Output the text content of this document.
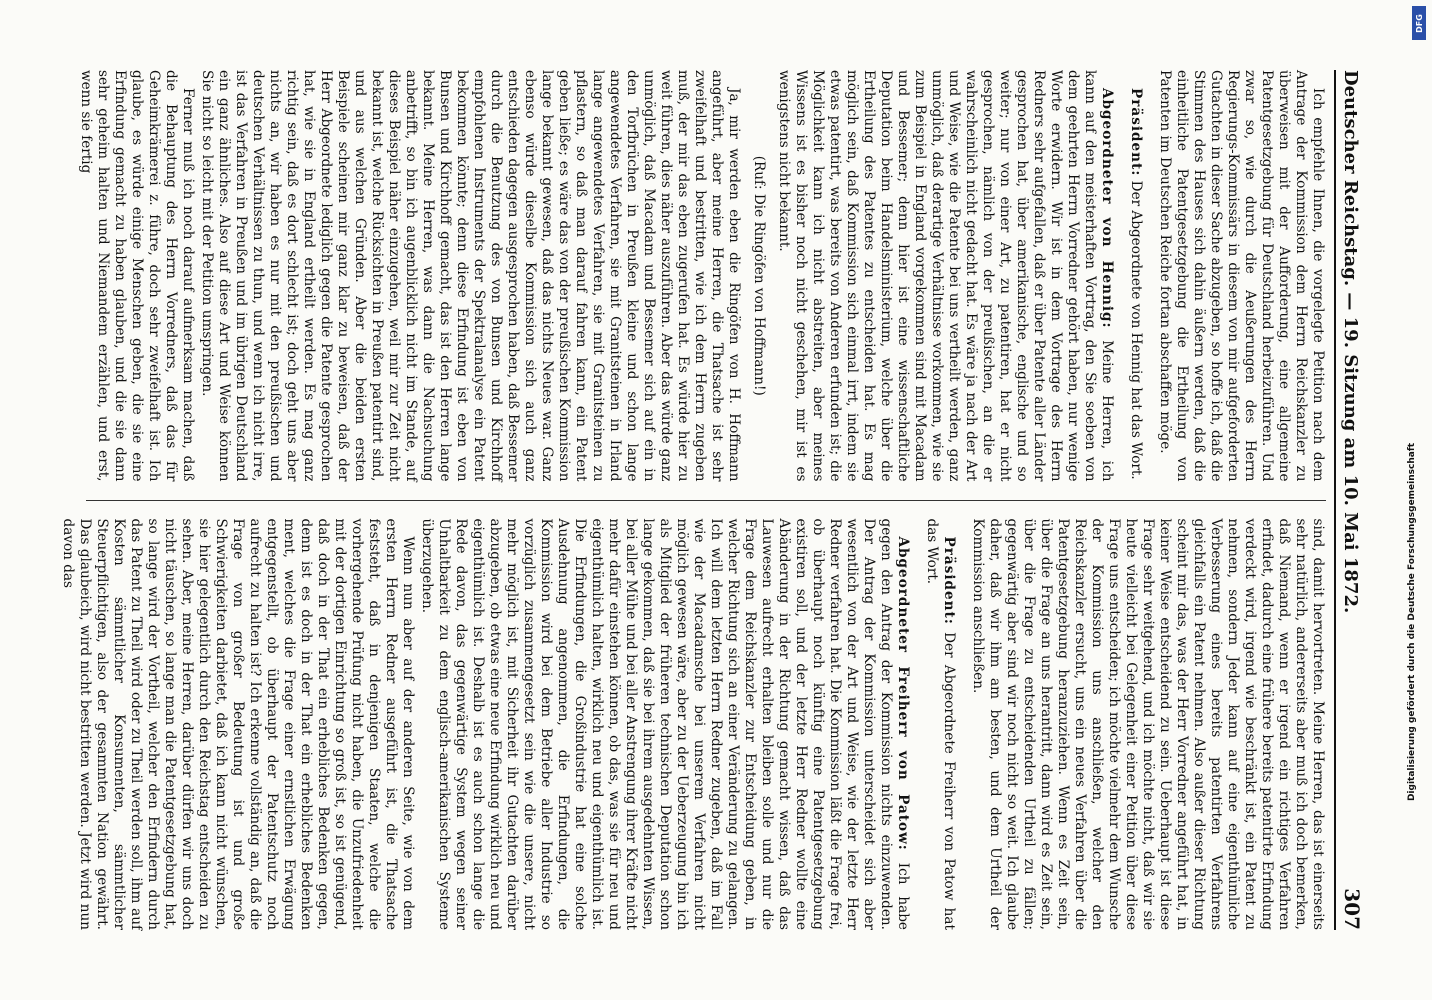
Deutscher Reichstag. — 19. Sitzung am 10. Mai 1872.
307

Ich empfehle Ihnen, die vorgelegte Petition nach dem Antrage der Kommission dem Herrn Reichskanzler zu überweisen mit der Aufforderung, eine allgemeine Patentgesetzgebung für Deutschland herbeizuführen. Und zwar so, wie durch die Aeußerungen des Herrn Regierungs-Kommissärs in diesem von mir aufgeforderten Gutachten in dieser Sache abzugeben, so hoffe ich, daß die Stimmen des Hauses sich dahin äußern werden, daß die einheitliche Patentgesetzgebung die Ertheilung von Patenten im Deutschen Reiche fortan abschaffen möge.

Präsident: Der Abgeordnete von Hennig hat das Wort.

Abgeordneter von Hennig: Meine Herren, ich kann auf den meisterhaften Vortrag, den Sie soeben von dem geehrten Herrn Vorredner gehört haben, nur wenige Worte erwidern. Wir ist in dem Vortrage des Herrn Redners sehr aufgefallen, daß er über Patente aller Länder gesprochen hat, über amerikanische, englische und so weiter; nur von einer Art, zu patentiren, hat er nicht gesprochen, nämlich von der preußischen, an die er wahrscheinlich nicht gedacht hat. Es wäre ja nach der Art und Weise, wie die Patente bei uns vertheilt werden, ganz unmöglich, daß derartige Verhältnisse vorkommen, wie sie zum Beispiel in England vorgekommen sind mit Macadam und Bessemer; denn hier ist eine wissenschaftliche Deputation beim Handelsministerium, welche über die Ertheilung des Patentes zu entscheiden hat. Es mag möglich sein, daß Kommission sich einmal irrt, indem sie etwas patentirt, was bereits von Anderen erfunden ist; die Möglichkeit kann ich nicht abstreiten, aber meines Wissens ist es bisher noch nicht geschehen, mir ist es wenigstens nicht bekannt.

(Ruf: Die Ringöfen von Hoffmann!)

Ja, mir werden eben die Ringöfen von H. Hoffmann angeführt, aber meine Herren, die Thatsache ist sehr zweifelhaft und bestritten, wie ich dem Herrn zugeben muß, der mir das eben zugerufen hat. Es würde hier zu weit führen, dies näher auszuführen. Aber das würde ganz unmöglich, daß Macadam und Bessemer sich auf ein in den Torfbrüchen in Preußen kleine und schon lange angewendetes Verfahren, sie mit Granitsteinen in Irland lange angewendetes Verfahren, sie mit Granitsteinen zu pflastern, so daß man darauf fahren kann, ein Patent geben ließe; es wäre das von der preußischen Kommission lange bekannt gewesen, daß das nichts Neues war. Ganz ebenso würde dieselbe Kommission sich auch ganz entschieden dagegen ausgesprochen haben, daß Bessemer durch die Benutzung des von Bunsen und Kirchhoff empfohlenen Instruments der Spektralanalyse ein Patent bekommen könnte; denn diese Erfindung ist eben von Bunsen und Kirchhoff gemacht, das ist den Herren lange bekannt. Meine Herren, was dann die Nachsuchung anbetrifft, so bin ich augenblicklich nicht im Stande, auf dieses Beispiel näher einzugehen, weil mir zur Zeit nicht bekannt ist, welche Rücksichten in Preußen patentirt sind, und aus welchen Gründen. Aber die beiden ersten Beispiele scheinen mir ganz klar zu beweisen, daß der Herr Abgeordnete lediglich gegen die Patente gesprochen hat, wie sie in England ertheilt werden. Es mag ganz richtig sein, daß es dort schlecht ist; doch geht uns aber nichts an, wir haben es nur mit den preußischen und deutschen Verhältnissen zu thun, und wenn ich nicht irre, ist das Verfahren in Preußen und im übrigen Deutschland ein ganz ähnliches. Also auf diese Art und Weise können Sie nicht so leicht mit der Petition umspringen.

Ferner muß ich noch darauf aufmerksam machen, daß die Behauptung des Herrn Vorredners, daß das für Geheimkrämerei z. führe, doch sehr zweifelhaft ist. Ich glaube, es würde einige Menschen geben, die sie eine Erfindung gemacht zu haben glauben, und die sie dann sehr geheim halten und Niemandem erzählen, und erst, wenn sie fertig

sind, damit hervortreten. Meine Herren, das ist einerseits sehr natürlich, andererseits aber muß ich doch bemerken, daß Niemand, wenn er irgend ein richtiges Verfahren erfindet, dadurch eine frühere bereits patentirte Erfindung verdeckt wird, irgend wie beschränkt ist, ein Patent zu nehmen, sondern Jeder kann auf eine eigenthümliche Verbesserung eines bereits patentirten Verfahrens gleichfalls ein Patent nehmen. Also außer dieser Richtung scheint mir das, was der Herr Vorredner angeführt hat, in keiner Weise entscheidend zu sein. Ueberhaupt ist diese Frage sehr weitgehend, und ich möchte nicht, daß wir sie heute vielleicht bei Gelegenheit einer Petition über diese Frage uns entscheiden; ich möchte vielmehr dem Wunsche der Kommission uns anschließen, welcher den Reichskanzler ersucht, uns ein neues Verfahren über die Patentgesetzgebung heranzuziehen. Wenn es Zeit sein, über die Frage an uns herantritt, dann wird es Zeit sein, über die Frage zu entscheidenden Urtheil zu fällen; gegenwärtig aber sind wir noch nicht so weit. Ich glaube daher, daß wir ihm am besten, und dem Urtheil der Kommission anschließen.

Präsident: Der Abgeordnete Freiherr von Patow hat das Wort.

Abgeordneter Freiherr von Patow: Ich habe gegen den Antrag der Kommission nichts einzuwenden. Der Antrag der Kommission unterscheidet sich aber wesentlich von der Art und Weise, wie der letzte Herr Redner verfahren hat. Die Kommission läßt die Frage frei, ob überhaupt noch künftig eine Patentgesetzgebung existiren soll, und der letzte Herr Redner wollte eine Abänderung in der Richtung gemacht wissen, daß das Lauwesen aufrecht erhalten bleiben solle und nur die Frage dem Reichskanzler zur Entscheidung geben, in welcher Richtung sich an einer Veränderung zu gelangen. Ich will dem letzten Herrn Redner zugeben, daß im Fall wie der Macadamsche bei unserem Verfahren nicht möglich gewesen wäre, aber zu der Ueberzeugung bin ich als Mitglied der früheren technischen Deputation schon lange gekommen, daß sie bei ihrem ausgedehnten Wissen, bei aller Mühe und bei aller Anstrengung ihrer Kräfte nicht mehr dafür einstehen können, ob das, was sie für neu und eigenthümlich halten, wirklich neu und eigenthümlich ist. Die Erfindungen, die Großindustrie hat eine solche Ausdehnung angenommen, die Erfindungen, die Kommission wird bei dem Betriebe aller Industrie so vorzüglich zusammengesetzt sein wie die unsere, nicht mehr möglich ist, mit Sicherheit ihr Gutachten darüber abzugeben, ob etwas eine neue Erfindung wirklich neu und eigenthümlich ist. Deshalb ist es auch schon lange die Rede davon, das gegenwärtige System wegen seiner Unhaltbarkeit zu dem englisch-amerikanischen Systeme überzugehen.

Wenn nun aber auf der anderen Seite, wie von dem ersten Herrn Redner ausgeführt ist, die Thatsache feststeht, daß in denjenigen Staaten, welche die vorhergehende Prüfung nicht haben, die Unzufriedenheit mit der dortigen Einrichtung so groß ist, so ist genügend, daß doch in der That ein erhebliches Bedenken gegen, denn ist es doch in der That ein erhebliches Bedenken ment, welches die Frage einer ernstlichen Erwägung entgegenstellt, ob überhaupt der Patentschutz noch aufrecht zu halten ist? Ich erkenne vollständig an, daß die Frage von großer Bedeutung ist und große Schwierigkeiten darbietet, daß ich kann nicht wünschen, sie hier gelegentlich durch den Reichstag entscheiden zu sehen. Aber, meine Herren, darüber dürfen wir uns doch nicht täuschen, so lange man die Patentgesetzgebung hat, so lange wird der Vortheil, welcher den Erfindern durch das Patent zu Theil wird oder zu Theil werden soll, ihm auf Kosten sämmtlicher Konsumenten, sämmtlicher Steuerpflichtigen, also der gesammten Nation gewährt. Das glaubeich, wird nicht bestritten werden. Jetzt wird nun davon das	Digitalisierung gefördert durch die Deutsche Forschungsgemeinschaft
DFG
